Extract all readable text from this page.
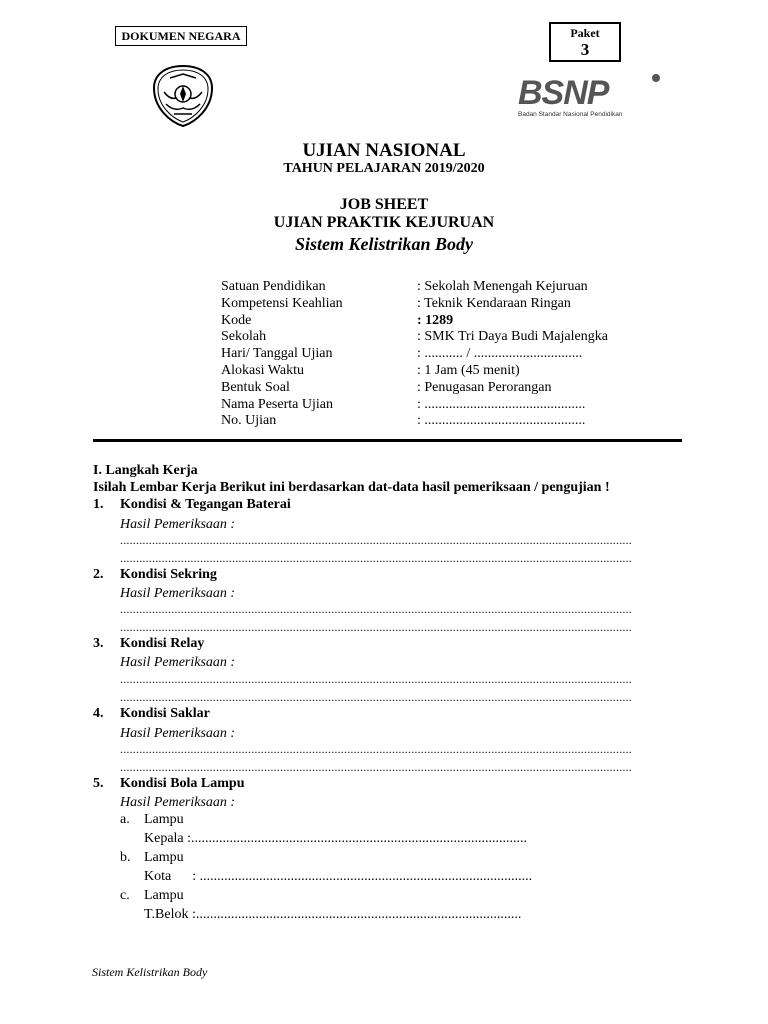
DOKUMEN NEGARA	Paket
3
BSNP
Badan Standar Nasional Pendidikan
UJIAN NASIONAL
TAHUN PELAJARAN 2019/2020
JOB SHEET
UJIAN PRAKTIK KEJURUAN
Sistem Kelistrikan Body
Satuan Pendidikan	: Sekolah Menengah Kejuruan
Kompetensi Keahlian	: Teknik Kendaraan Ringan
Kode	: 1289
Sekolah	: SMK Tri Daya Budi Majalengka
Hari/ Tanggal Ujian	: ........... / ...............................
Alokasi Waktu	: 1 Jam (45 menit)
Bentuk Soal	: Penugasan Perorangan
Nama Peserta Ujian	: ..............................................
No. Ujian	: ..............................................
I. Langkah Kerja
Isilah Lembar Kerja Berikut ini berdasarkan dat-data hasil pemeriksaan / pengujian !
1. Kondisi & Tegangan Baterai
Hasil Pemeriksaan :
................................................................................................................................................................
................................................................................................................................................................
2. Kondisi Sekring
Hasil Pemeriksaan :
................................................................................................................................................................
................................................................................................................................................................
3. Kondisi Relay
Hasil Pemeriksaan :
................................................................................................................................................................
................................................................................................................................................................
4. Kondisi Saklar
Hasil Pemeriksaan :
................................................................................................................................................................
................................................................................................................................................................
5. Kondisi Bola Lampu
Hasil Pemeriksaan :
a. Lampu
Kepala :................................................................................................
b. Lampu
Kota      : ...............................................................................................
c. Lampu
T.Belok :.............................................................................................
Sistem Kelistrikan Body
